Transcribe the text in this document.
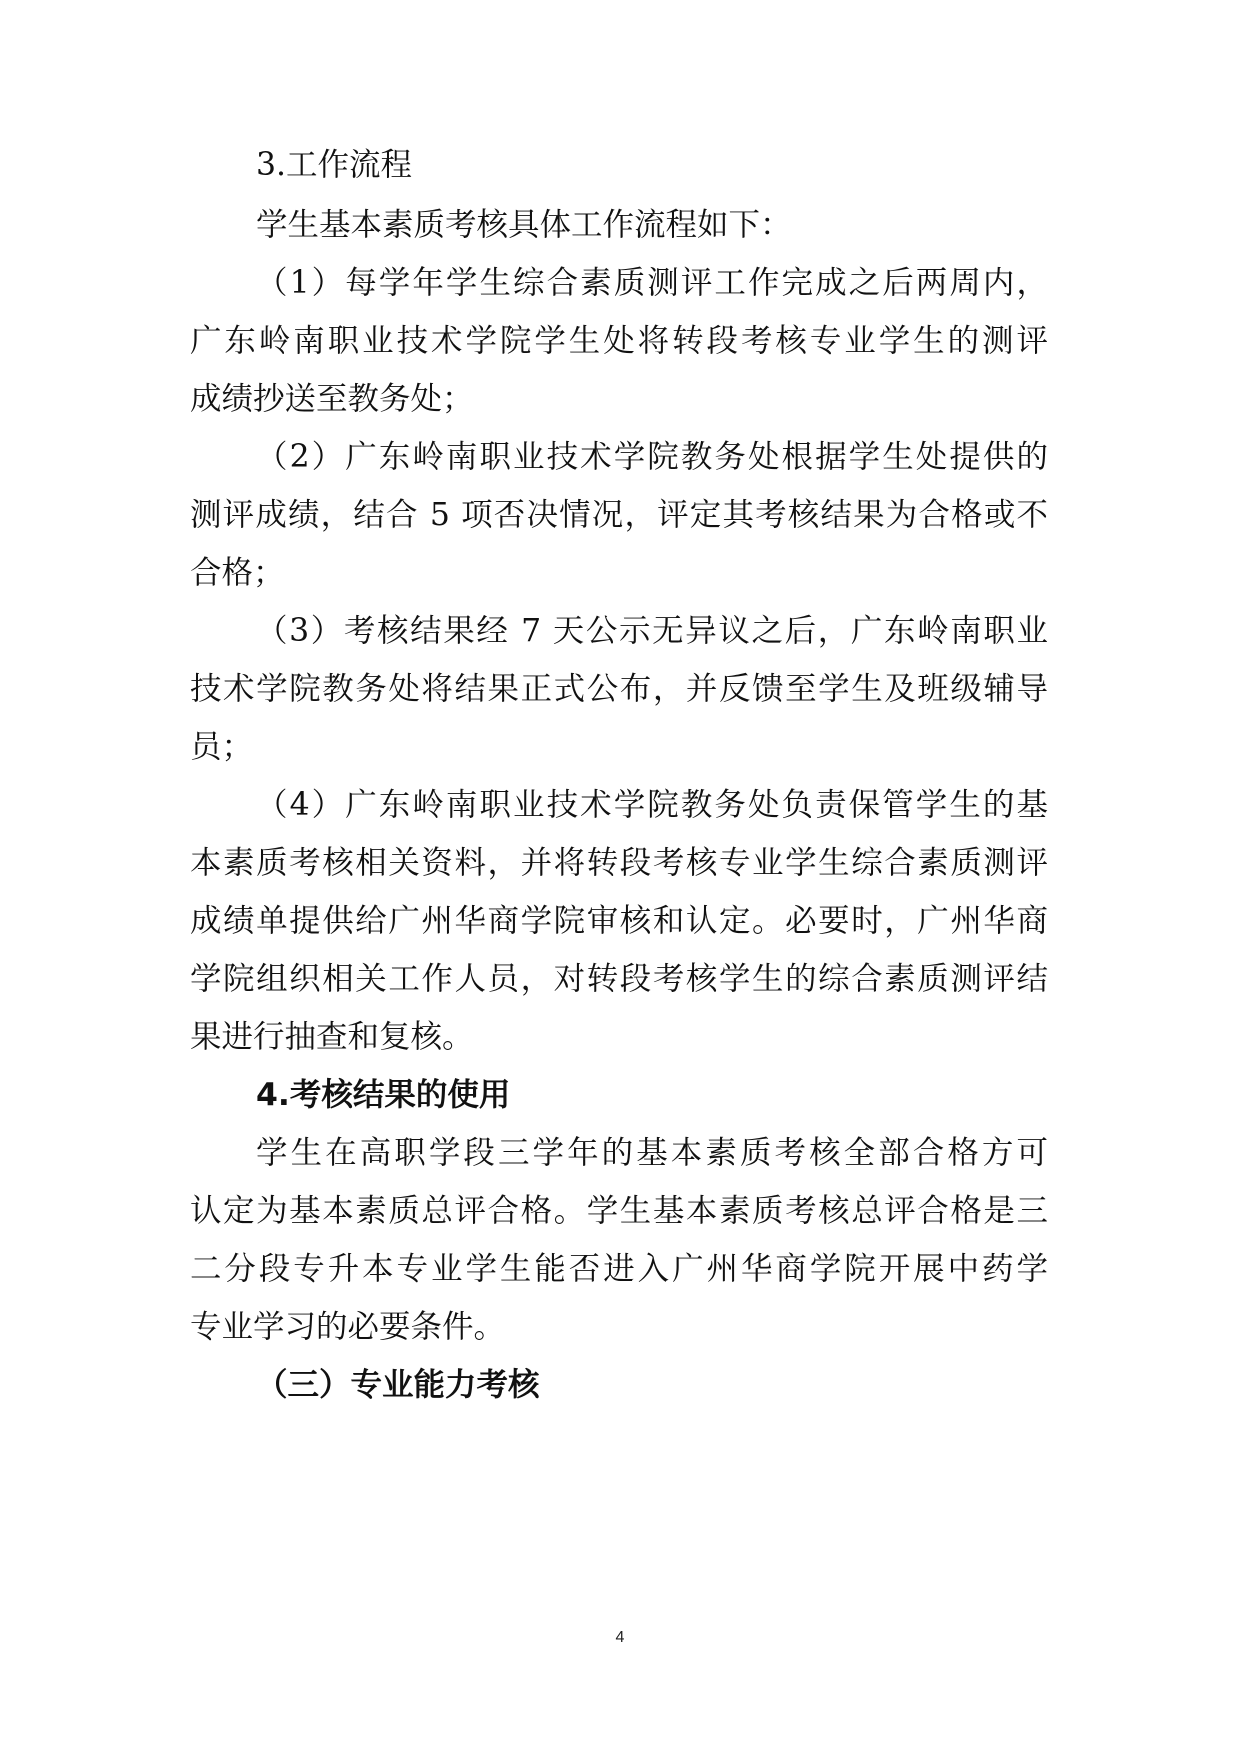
3.工作流程
学生基本素质考核具体工作流程如下：
（1）每学年学生综合素质测评工作完成之后两周内，
广东岭南职业技术学院学生处将转段考核专业学生的测评
成绩抄送至教务处；
（2）广东岭南职业技术学院教务处根据学生处提供的
测评成绩，结合 5 项否决情况，评定其考核结果为合格或不
合格；
（3）考核结果经 7 天公示无异议之后，广东岭南职业
技术学院教务处将结果正式公布，并反馈至学生及班级辅导
员；
（4）广东岭南职业技术学院教务处负责保管学生的基
本素质考核相关资料，并将转段考核专业学生综合素质测评
成绩单提供给广州华商学院审核和认定。必要时，广州华商
学院组织相关工作人员，对转段考核学生的综合素质测评结
果进行抽查和复核。
4.考核结果的使用
学生在高职学段三学年的基本素质考核全部合格方可
认定为基本素质总评合格。学生基本素质考核总评合格是三
二分段专升本专业学生能否进入广州华商学院开展中药学
专业学习的必要条件。
（三）专业能力考核
4
